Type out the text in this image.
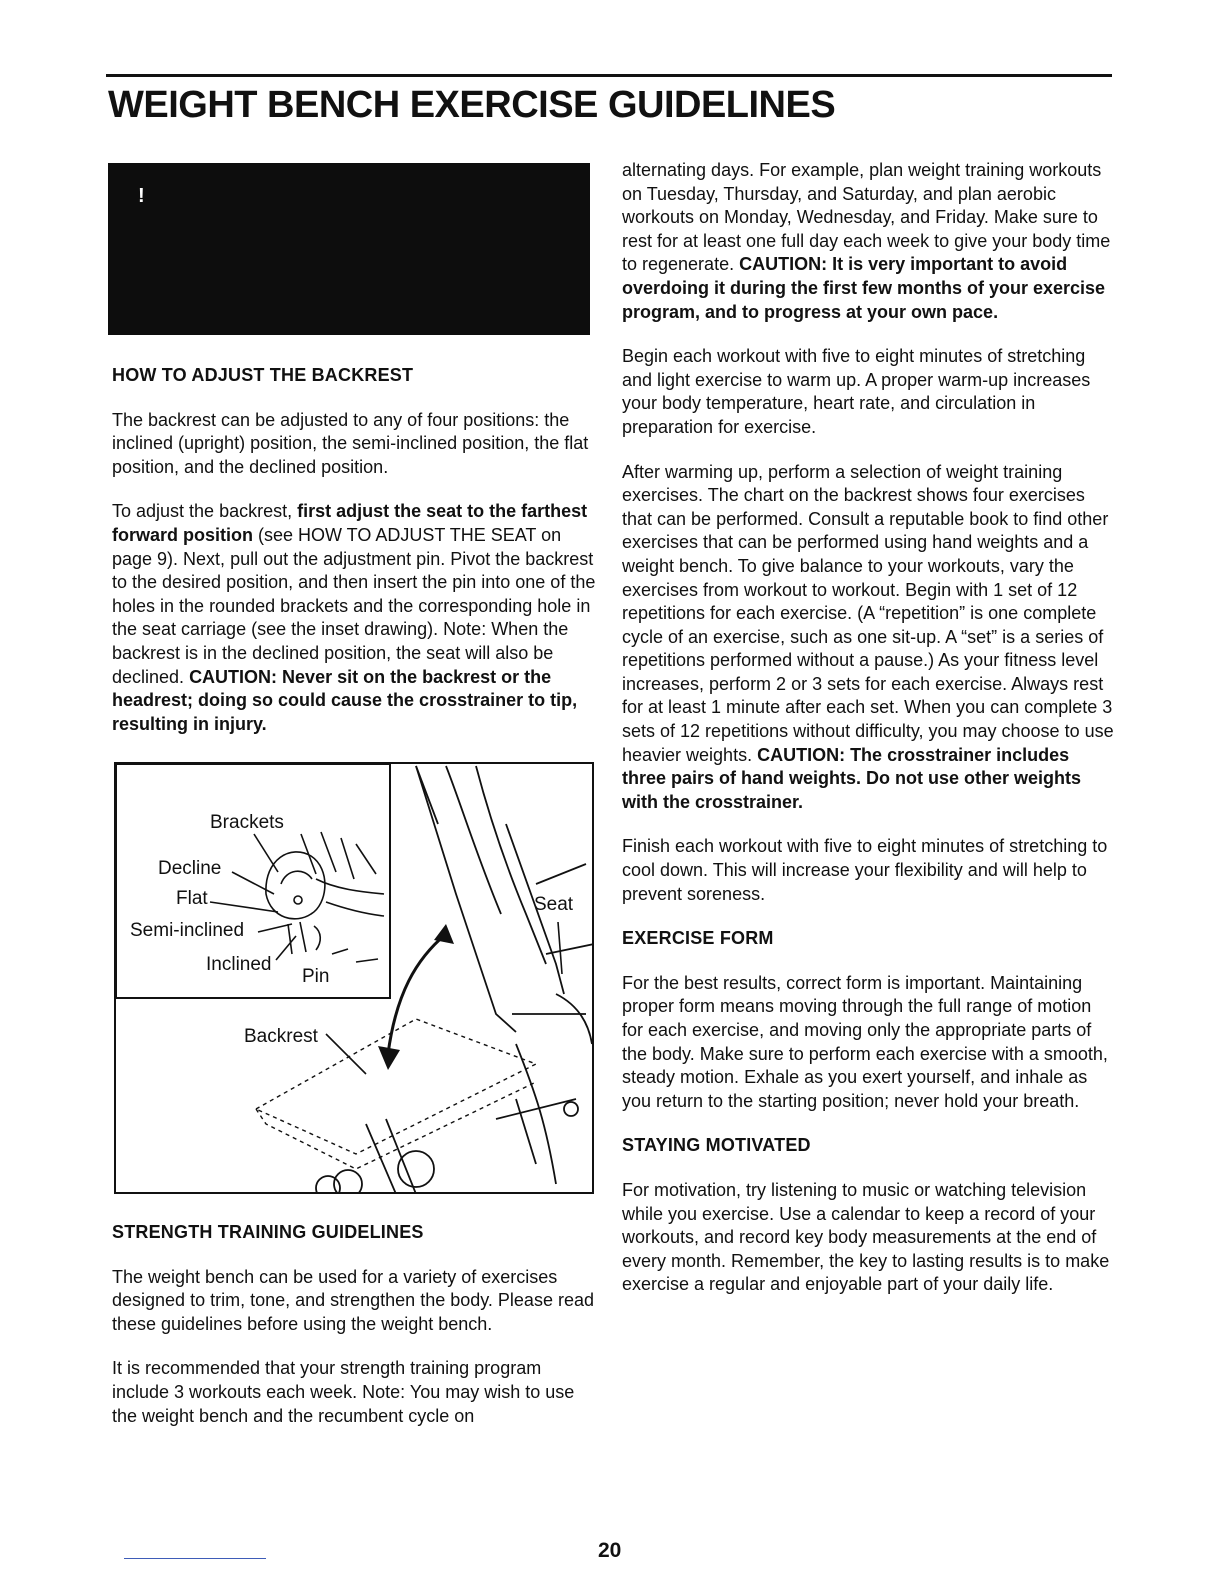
WEIGHT BENCH EXERCISE GUIDELINES
!

HOW TO ADJUST THE BACKREST

The backrest can be adjusted to any of four positions: the inclined (upright) position, the semi-inclined position, the flat position, and the declined position.

To adjust the backrest, first adjust the seat to the farthest forward position (see HOW TO ADJUST THE SEAT on page 9). Next, pull out the adjustment pin. Pivot the backrest to the desired position, and then insert the pin into one of the holes in the rounded brackets and the corresponding hole in the seat carriage (see the inset drawing). Note: When the backrest is in the declined position, the seat will also be declined. CAUTION: Never sit on the backrest or the headrest; doing so could cause the crosstrainer to tip, resulting in injury.

Brackets
Decline
Flat
Semi-inclined
Inclined
Pin
Seat
Backrest

STRENGTH TRAINING GUIDELINES

The weight bench can be used for a variety of exercises designed to trim, tone, and strengthen the body. Please read these guidelines before using the weight bench.

It is recommended that your strength training program include 3 workouts each week. Note: You may wish to use the weight bench and the recumbent cycle on

alternating days. For example, plan weight training workouts on Tuesday, Thursday, and Saturday, and plan aerobic workouts on Monday, Wednesday, and Friday. Make sure to rest for at least one full day each week to give your body time to regenerate. CAUTION: It is very important to avoid overdoing it during the first few months of your exercise program, and to progress at your own pace.

Begin each workout with five to eight minutes of stretching and light exercise to warm up. A proper warm-up increases your body temperature, heart rate, and circulation in preparation for exercise.

After warming up, perform a selection of weight training exercises. The chart on the backrest shows four exercises that can be performed. Consult a reputable book to find other exercises that can be performed using hand weights and a weight bench. To give balance to your workouts, vary the exercises from workout to workout. Begin with 1 set of 12 repetitions for each exercise. (A “repetition” is one complete cycle of an exercise, such as one sit-up. A “set” is a series of repetitions performed without a pause.) As your fitness level increases, perform 2 or 3 sets for each exercise. Always rest for at least 1 minute after each set. When you can complete 3 sets of 12 repetitions without difficulty, you may choose to use heavier weights. CAUTION: The crosstrainer includes three pairs of hand weights. Do not use other weights with the crosstrainer.

Finish each workout with five to eight minutes of stretching to cool down. This will increase your flexibility and will help to prevent soreness.

EXERCISE FORM

For the best results, correct form is important. Maintaining proper form means moving through the full range of motion for each exercise, and moving only the appropriate parts of the body. Make sure to perform each exercise with a smooth, steady motion. Exhale as you exert yourself, and inhale as you return to the starting position; never hold your breath.

STAYING MOTIVATED

For motivation, try listening to music or watching television while you exercise. Use a calendar to keep a record of your workouts, and record key body measurements at the end of every month. Remember, the key to lasting results is to make exercise a regular and enjoyable part of your daily life.

20
